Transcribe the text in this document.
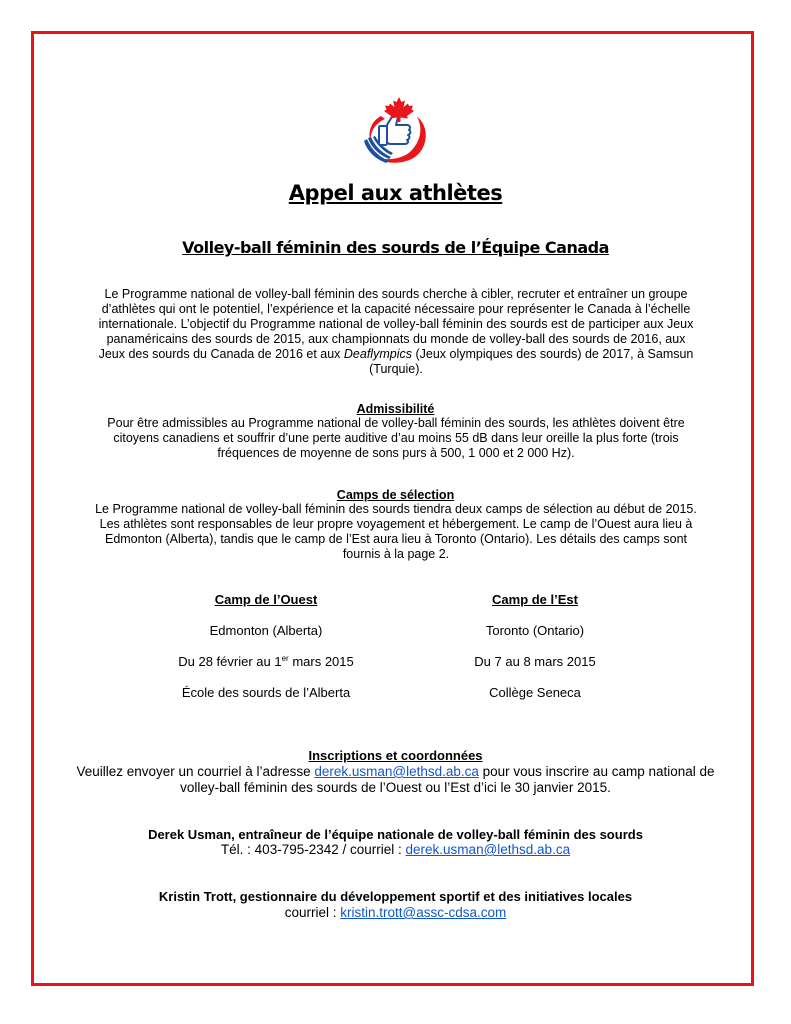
Appel aux athlètes
Volley-ball féminin des sourds de l’Équipe Canada

Le Programme national de volley-ball féminin des sourds cherche à cibler, recruter et entraîner un groupe d’athlètes qui ont le potentiel, l’expérience et la capacité nécessaire pour représenter le Canada à l’échelle internationale. L’objectif du Programme national de volley-ball féminin des sourds est de participer aux Jeux panaméricains des sourds de 2015, aux championnats du monde de volley-ball des sourds de 2016, aux Jeux des sourds du Canada de 2016 et aux Deaflympics (Jeux olympiques des sourds) de 2017, à Samsun (Turquie).

Admissibilité

Pour être admissibles au Programme national de volley-ball féminin des sourds, les athlètes doivent être citoyens canadiens et souffrir d’une perte auditive d’au moins 55 dB dans leur oreille la plus forte (trois fréquences de moyenne de sons purs à 500, 1 000 et 2 000 Hz).

Camps de sélection

Le Programme national de volley-ball féminin des sourds tiendra deux camps de sélection au début de 2015. Les athlètes sont responsables de leur propre voyagement et hébergement. Le camp de l’Ouest aura lieu à Edmonton (Alberta), tandis que le camp de l’Est aura lieu à Toronto (Ontario). Les détails des camps sont fournis à la page 2.

Camp de l’Ouest
Edmonton (Alberta)
Du 28 février au 1er mars 2015
École des sourds de l’Alberta
Camp de l’Est
Toronto (Ontario)
Du 7 au 8 mars 2015
Collège Seneca
Inscriptions et coordonnées

Veuillez envoyer un courriel à l’adresse derek.usman@lethsd.ab.ca pour vous inscrire au camp national de volley-ball féminin des sourds de l’Ouest ou l’Est d’ici le 30 janvier 2015.

Derek Usman, entraîneur de l’équipe nationale de volley-ball féminin des sourds

Tél. : 403-795-2342 / courriel : derek.usman@lethsd.ab.ca

Kristin Trott, gestionnaire du développement sportif et des initiatives locales

courriel : kristin.trott@assc-cdsa.com
